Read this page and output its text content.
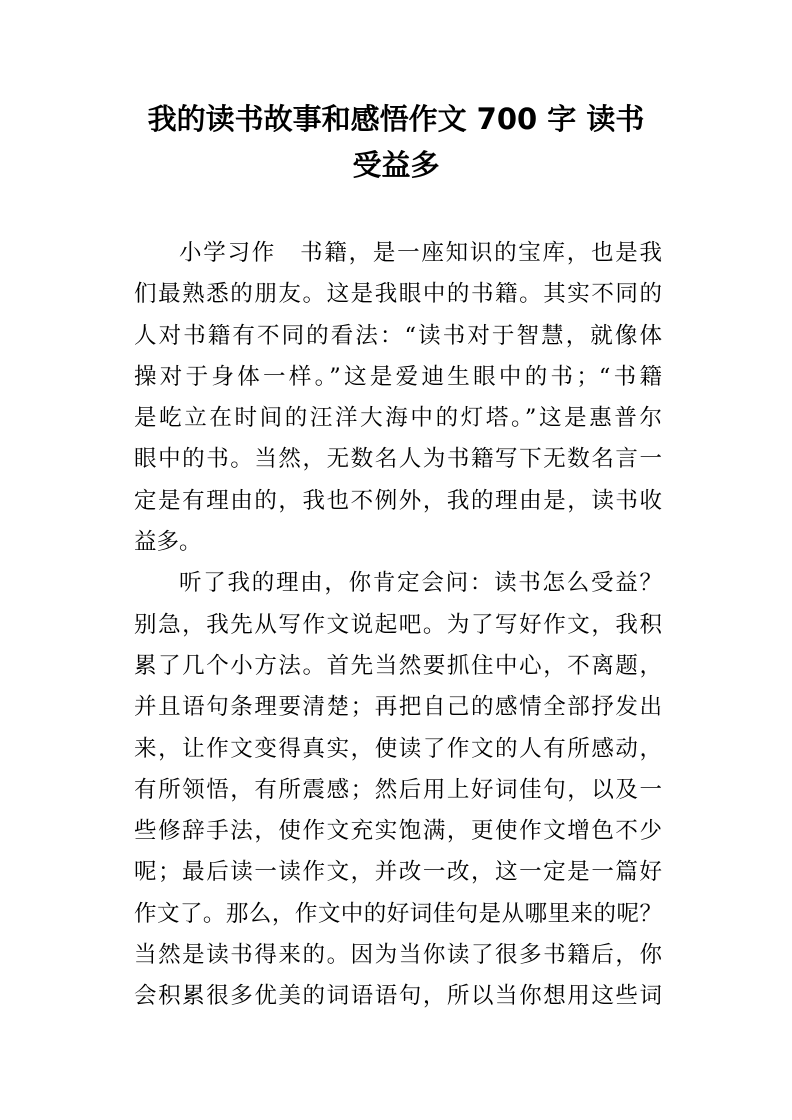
我的读书故事和感悟作文 700 字 读书
受益多
小学习作　书籍，是一座知识的宝库，也是我
们最熟悉的朋友。这是我眼中的书籍。其实不同的
人对书籍有不同的看法：“读书对于智慧，就像体
操对于身体一样。”这是爱迪生眼中的书；“书籍
是屹立在时间的汪洋大海中的灯塔。”这是惠普尔
眼中的书。当然，无数名人为书籍写下无数名言一
定是有理由的，我也不例外，我的理由是，读书收
益多。
听了我的理由，你肯定会问：读书怎么受益？
别急，我先从写作文说起吧。为了写好作文，我积
累了几个小方法。首先当然要抓住中心，不离题，
并且语句条理要清楚；再把自己的感情全部抒发出
来，让作文变得真实，使读了作文的人有所感动，
有所领悟，有所震感；然后用上好词佳句，以及一
些修辞手法，使作文充实饱满，更使作文增色不少
呢；最后读一读作文，并改一改，这一定是一篇好
作文了。那么，作文中的好词佳句是从哪里来的呢？
当然是读书得来的。因为当你读了很多书籍后，你
会积累很多优美的词语语句，所以当你想用这些词
